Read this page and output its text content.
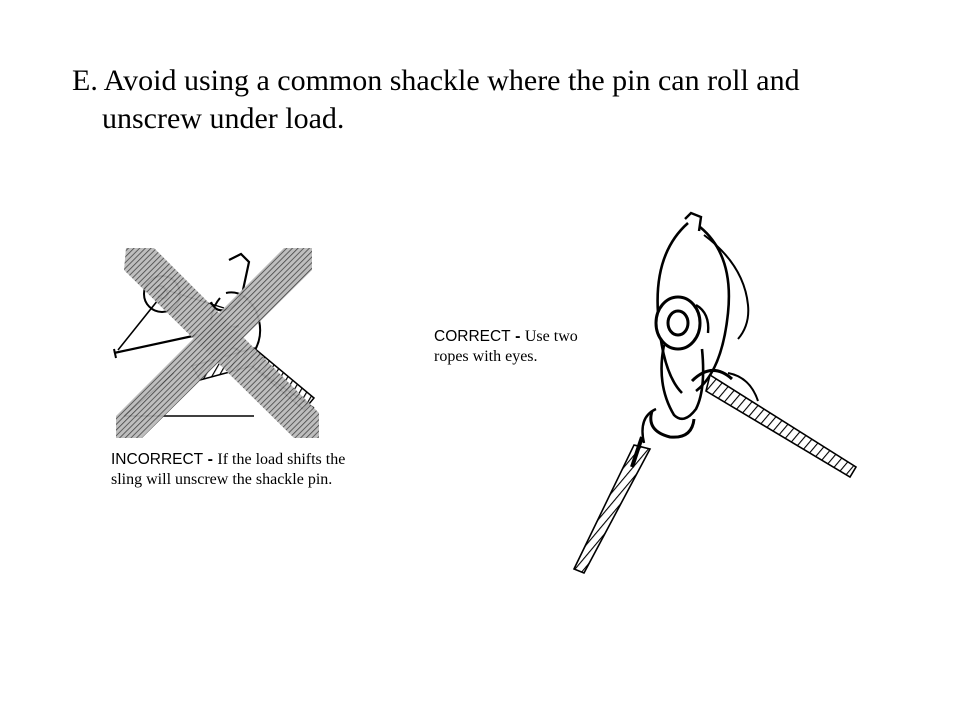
E. Avoid using a common shackle where the pin can roll and
unscrew under load.

INCORRECT - If the load shifts the
sling will unscrew the shackle pin.

CORRECT - Use two
ropes with eyes.
